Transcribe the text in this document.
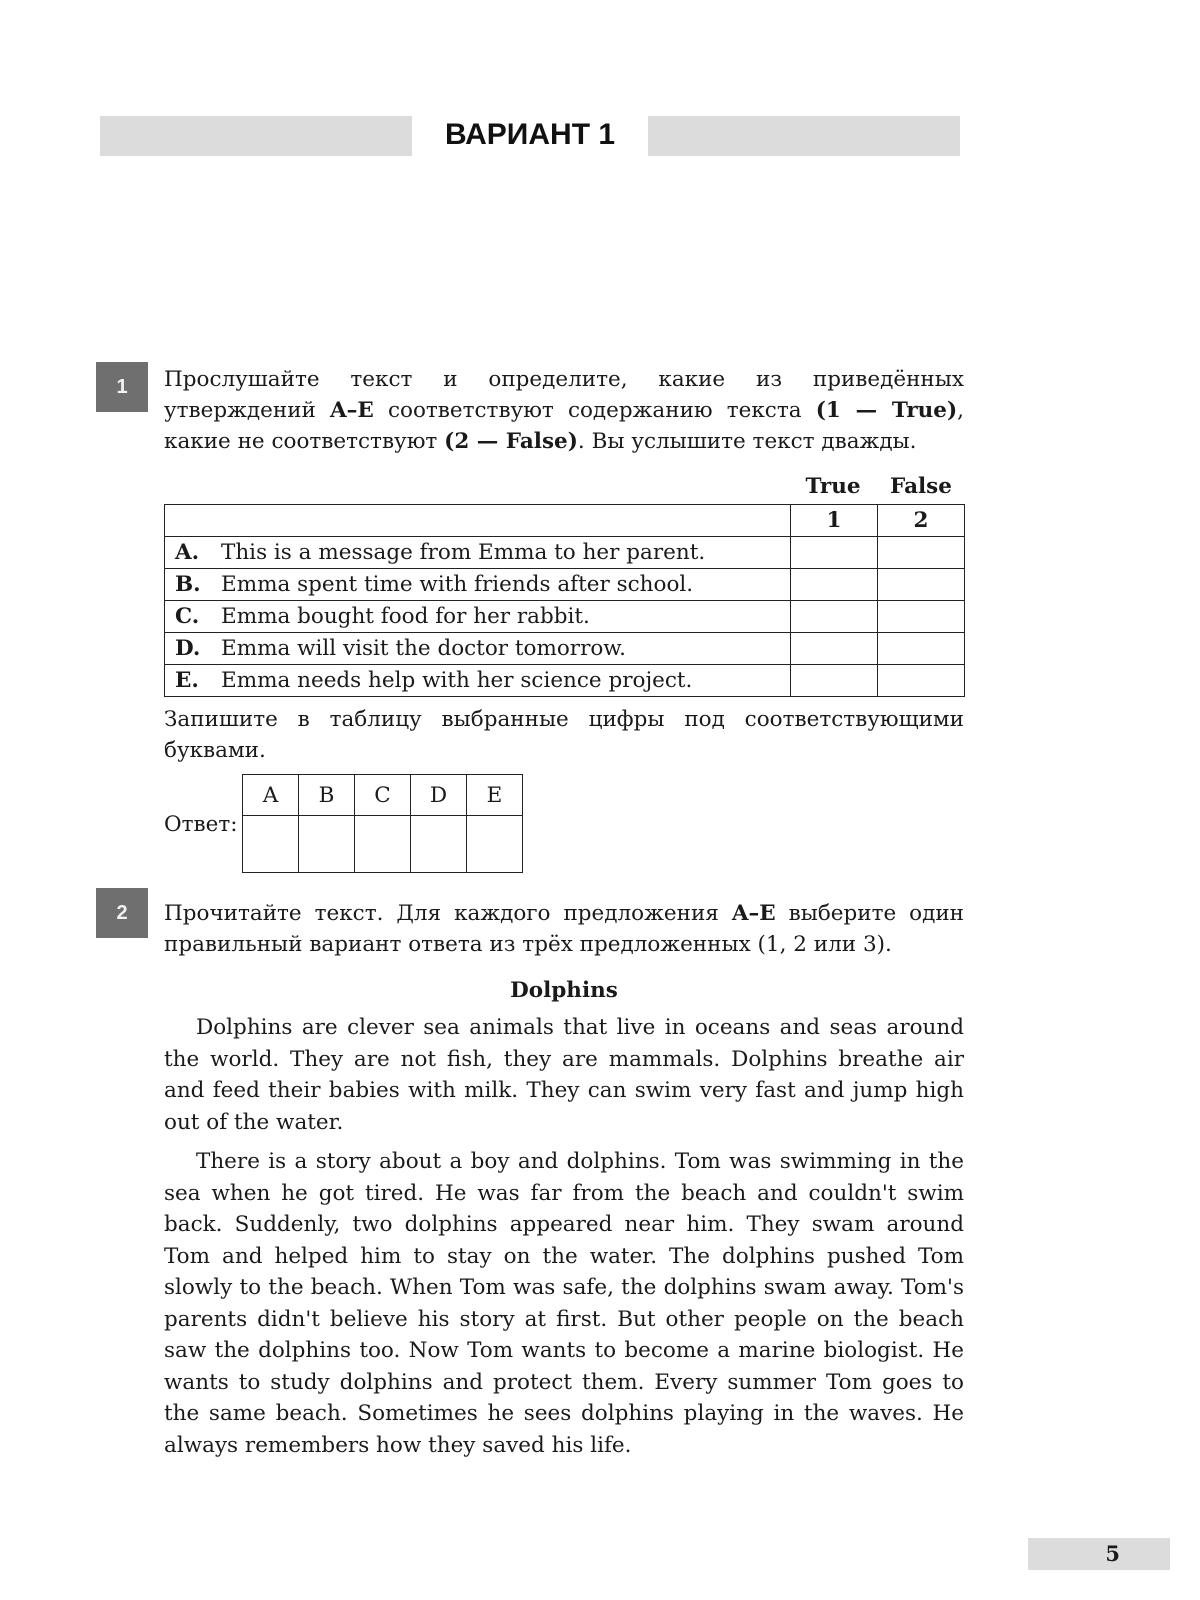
ВАРИАНТ 1
1	Прослушайте текст и определите, какие из приведённых утверждений A–E соответствуют содержанию текста (1 — True), какие не соответствуют (2 — False). Вы услышите текст дважды.

True	False
	1	2
A. This is a message from Emma to her parent.		
B. Emma spent time with friends after school.		
C. Emma bought food for her rabbit.		
D. Emma will visit the doctor tomorrow.		
E. Emma needs help with her science project.		

Запишите в таблицу выбранные цифры под соответствующими буквами.

Ответ:
A	B	C	D	E

2	Прочитайте текст. Для каждого предложения A–E выберите один правильный вариант ответа из трёх предложенных (1, 2 или 3).

Dolphins

Dolphins are clever sea animals that live in oceans and seas around the world. They are not fish, they are mammals. Dolphins breathe air and feed their babies with milk. They can swim very fast and jump high out of the water.

There is a story about a boy and dolphins. Tom was swimming in the sea when he got tired. He was far from the beach and couldn't swim back. Suddenly, two dolphins appeared near him. They swam around Tom and helped him to stay on the water. The dolphins pushed Tom slowly to the beach. When Tom was safe, the dolphins swam away. Tom's parents didn't believe his story at first. But other people on the beach saw the dolphins too. Now Tom wants to become a marine biologist. He wants to study dolphins and protect them. Every summer Tom goes to the same beach. Sometimes he sees dolphins playing in the waves. He always remembers how they saved his life.

5
